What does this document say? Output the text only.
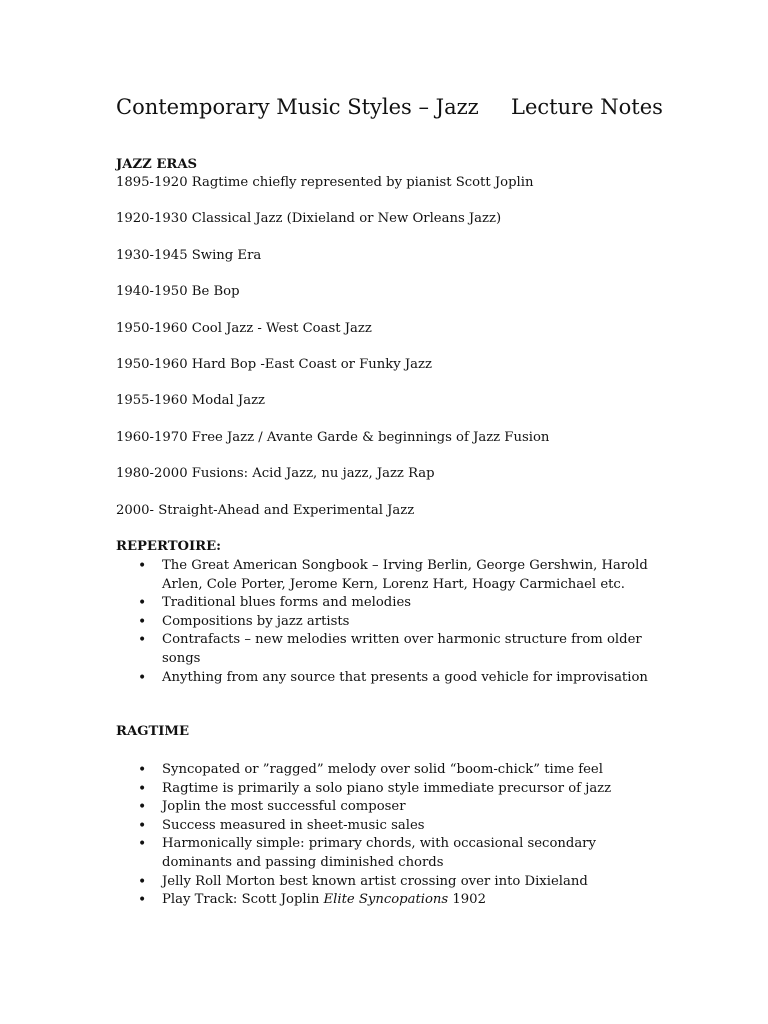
Contemporary Music Styles – Jazz Lecture Notes
JAZZ ERAS
1895-1920 Ragtime chiefly represented by pianist Scott Joplin
1920-1930 Classical Jazz (Dixieland or New Orleans Jazz)
1930-1945 Swing Era
1940-1950 Be Bop
1950-1960 Cool Jazz - West Coast Jazz
1950-1960 Hard Bop -East Coast or Funky Jazz
1955-1960 Modal Jazz
1960-1970 Free Jazz / Avante Garde & beginnings of Jazz Fusion
1980-2000 Fusions: Acid Jazz, nu jazz, Jazz Rap
2000- Straight-Ahead and Experimental Jazz
REPERTOIRE:
• The Great American Songbook – Irving Berlin, George Gershwin, Harold Arlen, Cole Porter, Jerome Kern, Lorenz Hart, Hoagy Carmichael etc.
• Traditional blues forms and melodies
• Compositions by jazz artists
• Contrafacts – new melodies written over harmonic structure from older songs
• Anything from any source that presents a good vehicle for improvisation
RAGTIME
• Syncopated or ”ragged” melody over solid “boom-chick” time feel
• Ragtime is primarily a solo piano style immediate precursor of jazz
• Joplin the most successful composer
• Success measured in sheet-music sales
• Harmonically simple: primary chords, with occasional secondary dominants and passing diminished chords
• Jelly Roll Morton best known artist crossing over into Dixieland
• Play Track: Scott Joplin Elite Syncopations 1902
